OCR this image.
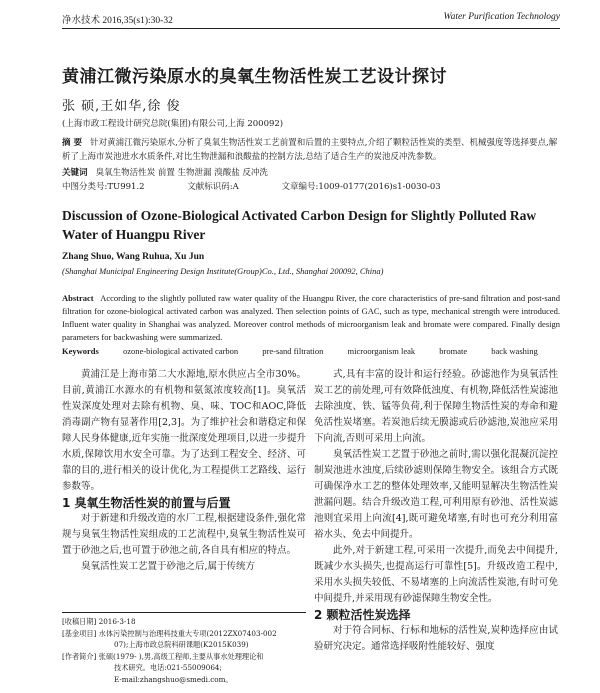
净水技术 2016,35(s1):30-32	Water Purification Technology
黄浦江微污染原水的臭氧生物活性炭工艺设计探讨
张 硕,王如华,徐 俊
(上海市政工程设计研究总院(集团)有限公司,上海 200092)
摘 要 针对黄浦江微污染原水,分析了臭氧生物活性炭工艺前置和后置的主要特点,介绍了颗粒活性炭的类型、机械强度等选择要点,解析了上海市炭池进水水质条件,对比生物泄漏和浪酸盐的控制方法,总结了适合生产的炭池反冲洗参数。
关键词 臭氧生物活性炭 前置 生物泄漏 溴酸盐 反冲洗
中图分类号:TU991.2	文献标识码:A	文章编号:1009-0177(2016)s1-0030-03
Discussion of Ozone-Biological Activated Carbon Design for Slightly Polluted Raw Water of Huangpu River
Zhang Shuo, Wang Ruhua, Xu Jun
(Shanghai Municipal Engineering Design Institute(Group)Co., Ltd., Shanghai 200092, China)
Abstract According to the slightly polluted raw water quality of the Huangpu River, the core characteristics of pre-sand filtration and post-sand filtration for ozone-biological activated carbon was analyzed. Then selection points of GAC, such as type, mechanical strength were introduced. Influent water quality in Shanghai was analyzed. Moreover control methods of microorganism leak and bromate were compared. Finally design parameters for backwashing were summarized.
Keywords	ozone-biological activated carbon	pre-sand filtration	microorganism leak	bromate	back washing

黄浦江是上海市第二大水源地,原水供应占全市30%。目前,黄浦江水源水的有机物和氨氮浓度较高[1]。臭氧活性炭深度处理对去除有机物、臭、味、TOC和AOC,降低消毒副产物有显著作用[2,3]。为了维护社会和谐稳定和保障人民身体健康,近年实施一批深度处理项目,以进一步提升水质,保障饮用水安全可靠。为了达到工程安全、经济、可靠的目的,进行相关的设计优化,为工程提供工艺路线、运行参数等。

1 臭氧生物活性炭的前置与后置

对于新建和升级改造的水厂工程,根据建设条件,强化常规与臭氧生物活性炭组成的工艺流程中,臭氧生物活性炭可置于砂池之后,也可置于砂池之前,各自具有相应的特点。

臭氧活性炭工艺置于砂池之后,属于传统方

式,具有丰富的设计和运行经验。砂滤池作为臭氧活性炭工艺的前处理,可有效降低浊度、有机物,降低活性炭滤池去除浊度、铁、锰等负荷,利于保障生物活性炭的寿命和避免活性炭堵塞。若炭池后续无膜滤或后砂滤池,炭池应采用下向流,否则可采用上向流。

臭氧活性炭工艺置于砂池之前时,需以强化混凝沉淀控制炭池进水浊度,后续砂滤则保障生物安全。该组合方式既可确保净水工艺的整体处理效率,又能明显解决生物活性炭泄漏问题。结合升级改造工程,可利用原有砂池、活性炭滤池则宜采用上向流[4],既可避免堵塞,有时也可充分利用富裕水头、免去中间提升。

此外,对于新建工程,可采用一次提升,而免去中间提升,既减少水头损失,也提高运行可靠性[5]。升级改造工程中,采用水头损失较低、不易堵塞的上向流活性炭池,有时可免中间提升,并采用现有砂滤保障生物安全性。

2 颗粒活性炭选择

对于符合同标、行标和地标的活性炭,炭种选择应由试验研究决定。通常选择吸附性能较好、强度

[收稿日期] 2016-3-18
[基金项目] 水体污染控制与治理科技重大专项(2012ZX07403-002
07);上海市政总院科研课题(K2015K039)
[作者简介] 张硕(1979- ),男,高级工程师,主要从事水处理理论和
技术研究。电话:021-55009064;
E-mail:zhangshuo@smedi.com。
